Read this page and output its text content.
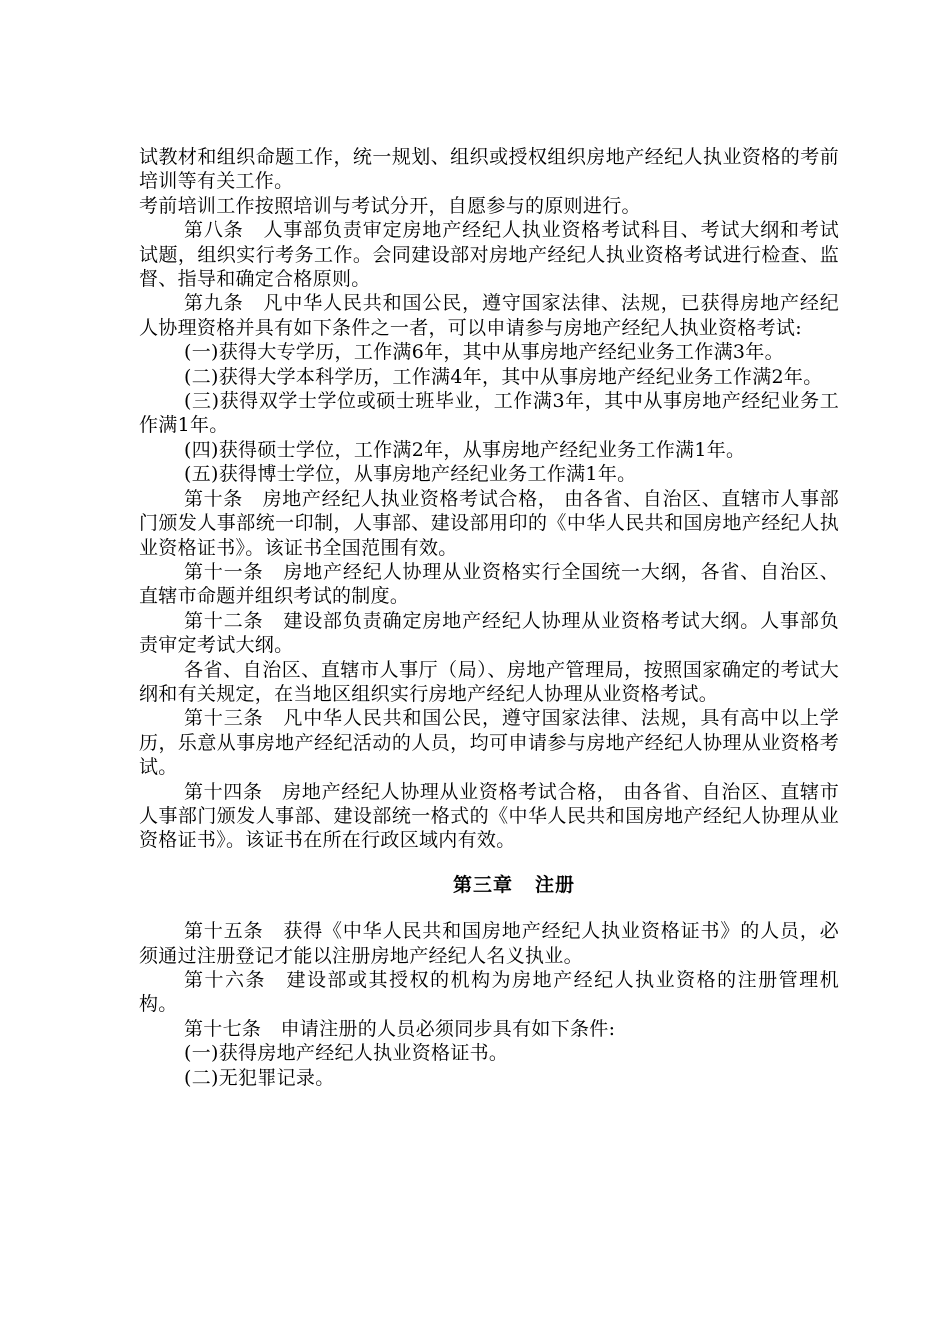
试教材和组织命题工作，统一规划、组织或授权组织房地产经纪人执业资格的考前培训等有关工作。

考前培训工作按照培训与考试分开，自愿参与的原则进行。

第八条　人事部负责审定房地产经纪人执业资格考试科目、考试大纲和考试试题，组织实行考务工作。会同建设部对房地产经纪人执业资格考试进行检查、监督、指导和确定合格原则。

第九条　凡中华人民共和国公民，遵守国家法律、法规，已获得房地产经纪人协理资格并具有如下条件之一者，可以申请参与房地产经纪人执业资格考试:

(一)获得大专学历，工作满6年，其中从事房地产经纪业务工作满3年。

(二)获得大学本科学历，工作满4年，其中从事房地产经纪业务工作满2年。

(三)获得双学士学位或硕士班毕业，工作满3年，其中从事房地产经纪业务工作满1年。

(四)获得硕士学位，工作满2年，从事房地产经纪业务工作满1年。

(五)获得博士学位，从事房地产经纪业务工作满1年。

第十条　房地产经纪人执业资格考试合格， 由各省、自治区、直辖市人事部门颁发人事部统一印制，人事部、建设部用印的《中华人民共和国房地产经纪人执业资格证书》。该证书全国范围有效。

第十一条　房地产经纪人协理从业资格实行全国统一大纲，各省、自治区、直辖市命题并组织考试的制度。

第十二条　建设部负责确定房地产经纪人协理从业资格考试大纲。人事部负责审定考试大纲。

各省、自治区、直辖市人事厅（局）、房地产管理局，按照国家确定的考试大纲和有关规定，在当地区组织实行房地产经纪人协理从业资格考试。

第十三条　凡中华人民共和国公民，遵守国家法律、法规，具有高中以上学历，乐意从事房地产经纪活动的人员，均可申请参与房地产经纪人协理从业资格考试。

第十四条　房地产经纪人协理从业资格考试合格， 由各省、自治区、直辖市人事部门颁发人事部、建设部统一格式的《中华人民共和国房地产经纪人协理从业资格证书》。该证书在所在行政区域内有效。

第三章 注册

第十五条　获得《中华人民共和国房地产经纪人执业资格证书》的人员，必须通过注册登记才能以注册房地产经纪人名义执业。

第十六条　建设部或其授权的机构为房地产经纪人执业资格的注册管理机构。

第十七条　申请注册的人员必须同步具有如下条件:

(一)获得房地产经纪人执业资格证书。

(二)无犯罪记录。
